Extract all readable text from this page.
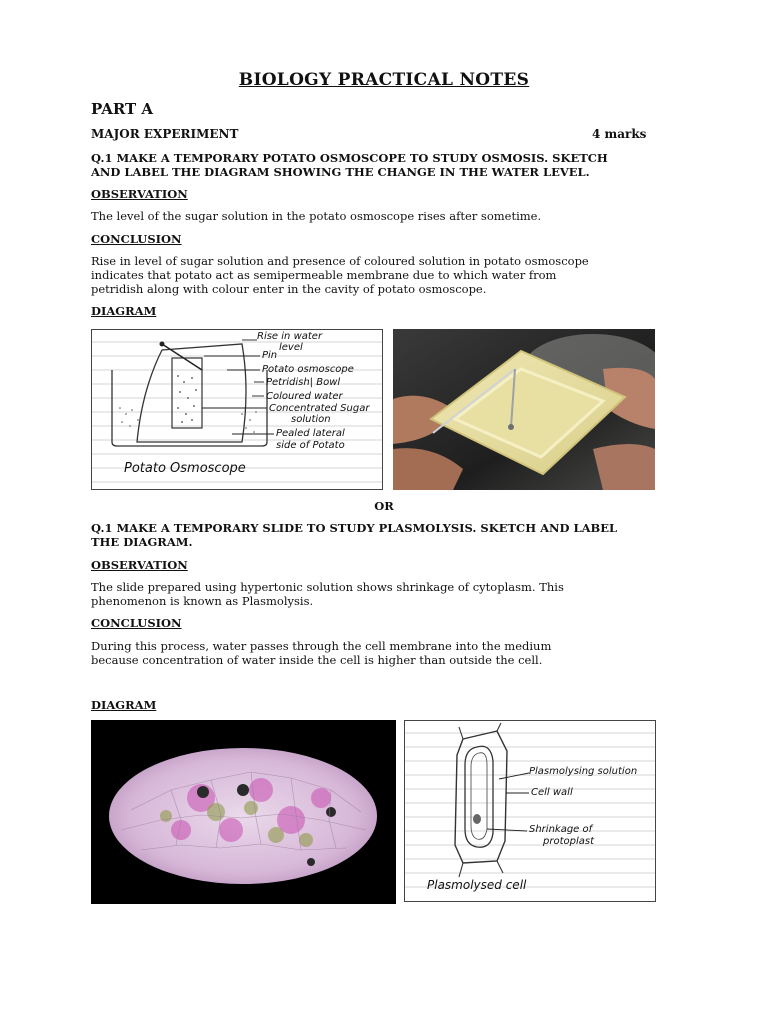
BIOLOGY PRACTICAL NOTES
PART A
MAJOR EXPERIMENT	4 marks
Q.1 MAKE A TEMPORARY POTATO OSMOSCOPE TO STUDY OSMOSIS. SKETCH
AND LABEL THE DIAGRAM SHOWING THE CHANGE IN THE WATER LEVEL.
OBSERVATION
The level of the sugar solution in the potato osmoscope rises after sometime.
CONCLUSION
Rise in level of sugar solution and presence of coloured solution in potato osmoscope
indicates that potato act as semipermeable membrane due to which water from
petridish along with colour enter in the cavity of potato osmoscope.
DIAGRAM
Rise in water
level
Pin
Potato osmoscope
Petridish| Bowl
Coloured water
Concentrated Sugar
solution
Pealed lateral
side of Potato
Potato Osmoscope
OR
Q.1 MAKE A TEMPORARY SLIDE TO STUDY PLASMOLYSIS. SKETCH AND LABEL
THE DIAGRAM.
OBSERVATION
The slide prepared using hypertonic solution shows shrinkage of cytoplasm. This
phenomenon is known as Plasmolysis.
CONCLUSION
During this process, water passes through the cell membrane into the medium
because concentration of water inside the cell is higher than outside the cell.
DIAGRAM
Plasmolysing solution
Cell wall
Shrinkage of
protoplast
Plasmolysed cell
